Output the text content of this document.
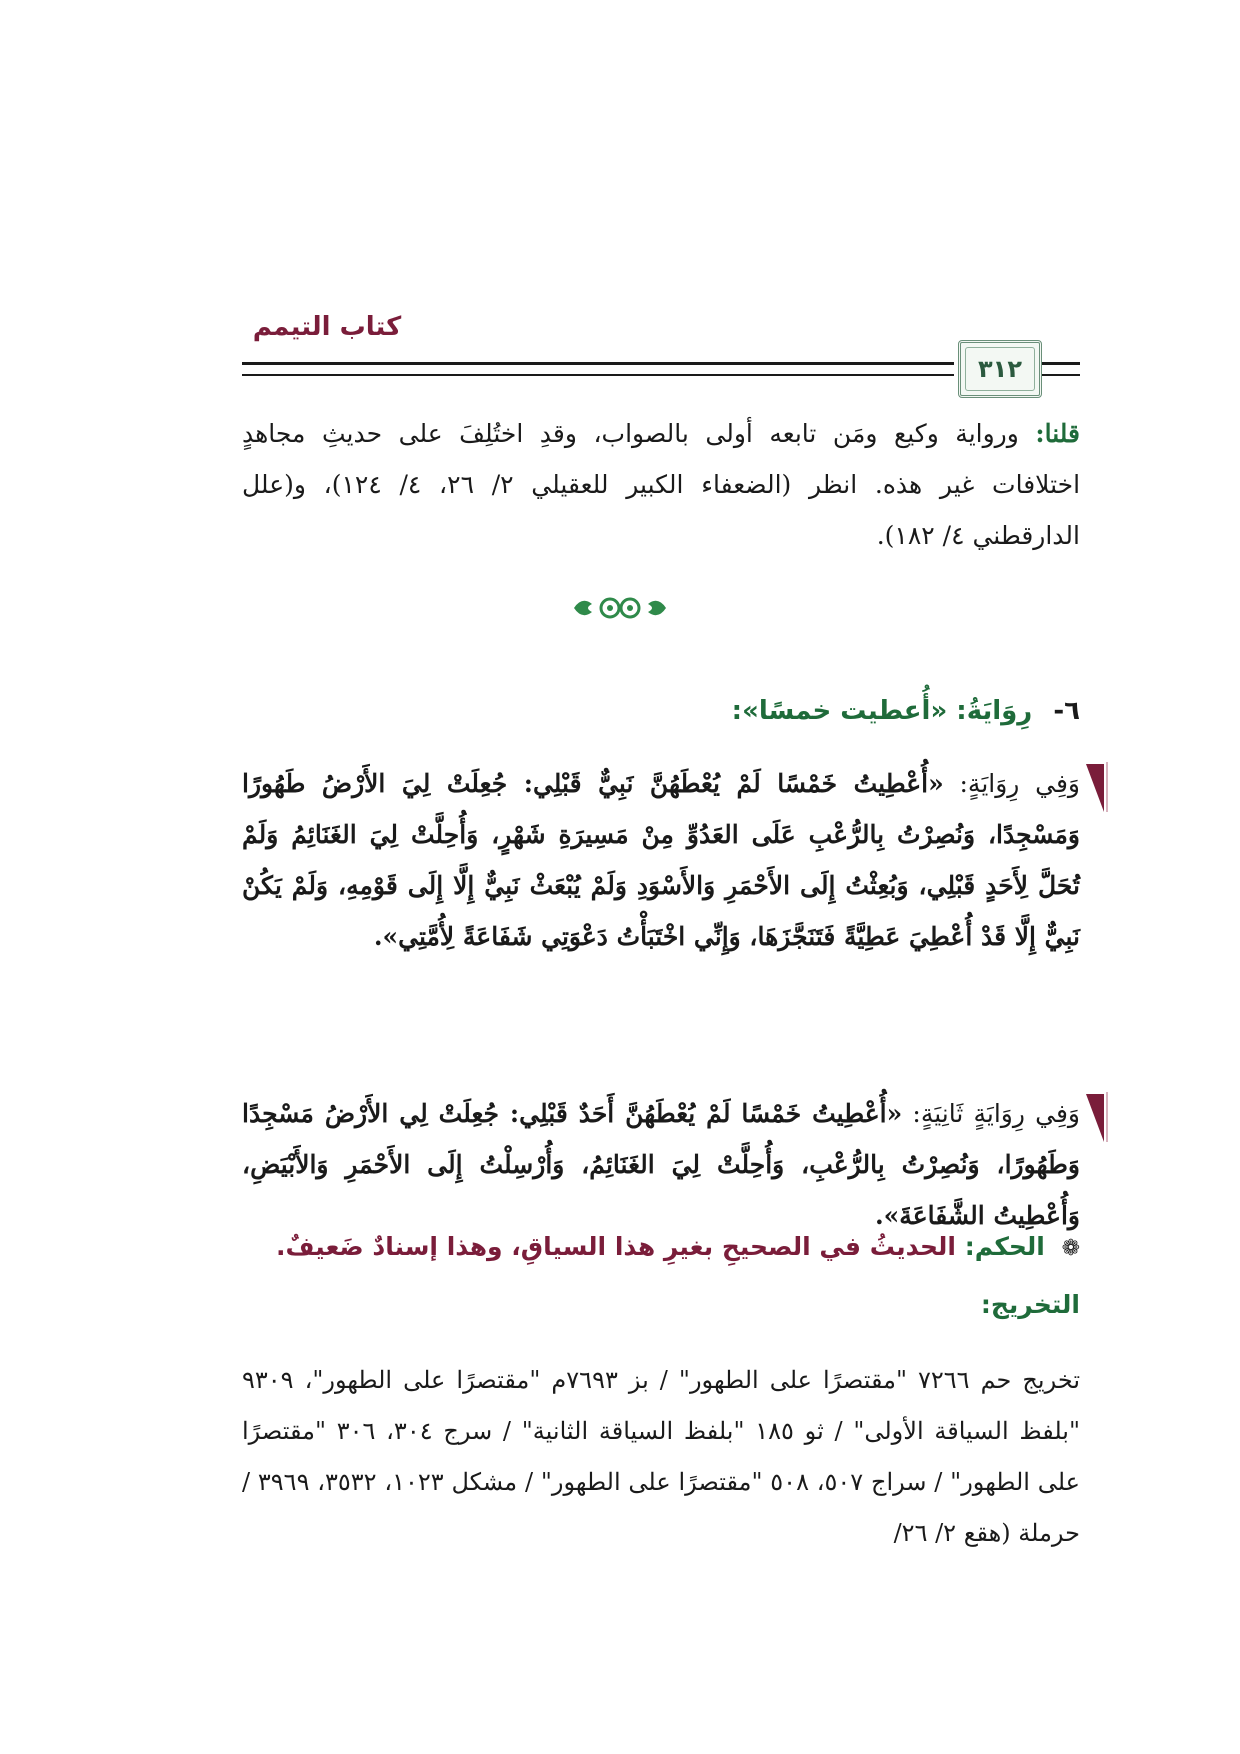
كتاب التيمم
٣١٢
قلنا: ورواية وكيع ومَن تابعه أولى بالصواب، وقدِ اختُلِفَ على حديثِ مجاهدٍ اختلافات غير هذه. انظر (الضعفاء الكبير للعقيلي ٢/ ٢٦، ٤/ ١٢٤)، و(علل الدارقطني ٤/ ١٨٢).
٦- رِوَايَةُ: «أُعطيت خمسًا»:
وَفِي رِوَايَةٍ: «أُعْطِيتُ خَمْسًا لَمْ يُعْطَهُنَّ نَبِيٌّ قَبْلِي: جُعِلَتْ لِيَ الأَرْضُ طَهُورًا وَمَسْجِدًا، وَنُصِرْتُ بِالرُّعْبِ عَلَى العَدُوِّ مِنْ مَسِيرَةِ شَهْرٍ، وَأُحِلَّتْ لِيَ الغَنَائِمُ وَلَمْ تُحَلَّ لِأَحَدٍ قَبْلِي، وَبُعِثْتُ إِلَى الأَحْمَرِ وَالأَسْوَدِ وَلَمْ يُبْعَثْ نَبِيٌّ إِلَّا إِلَى قَوْمِهِ، وَلَمْ يَكُنْ نَبِيٌّ إِلَّا قَدْ أُعْطِيَ عَطِيَّةً فَتَنَجَّزَهَا، وَإِنِّي اخْتَبَأْتُ دَعْوَتِي شَفَاعَةً لِأُمَّتِي».
وَفِي رِوَايَةٍ ثَانِيَةٍ: «أُعْطِيتُ خَمْسًا لَمْ يُعْطَهُنَّ أَحَدٌ قَبْلِي: جُعِلَتْ لِي الأَرْضُ مَسْجِدًا وَطَهُورًا، وَنُصِرْتُ بِالرُّعْبِ، وَأُحِلَّتْ لِيَ الغَنَائِمُ، وَأُرْسِلْتُ إِلَى الأَحْمَرِ وَالأَبْيَضِ، وَأُعْطِيتُ الشَّفَاعَةَ».
❁ الحكم: الحديثُ في الصحيحِ بغيرِ هذا السياقِ، وهذا إسنادٌ ضَعيفٌ.
التخريج:
تخريج حم ٧٢٦٦ "مقتصرًا على الطهور" / بز ٧٦٩٣م "مقتصرًا على الطهور"، ٩٣٠٩ "بلفظ السياقة الأولى" / ثو ١٨٥ "بلفظ السياقة الثانية" / سرج ٣٠٤، ٣٠٦ "مقتصرًا على الطهور" / سراج ٥٠٧، ٥٠٨ "مقتصرًا على الطهور" / مشكل ١٠٢٣، ٣٥٣٢، ٣٩٦٩ / حرملة (هقع ٢/ ٢٦/
